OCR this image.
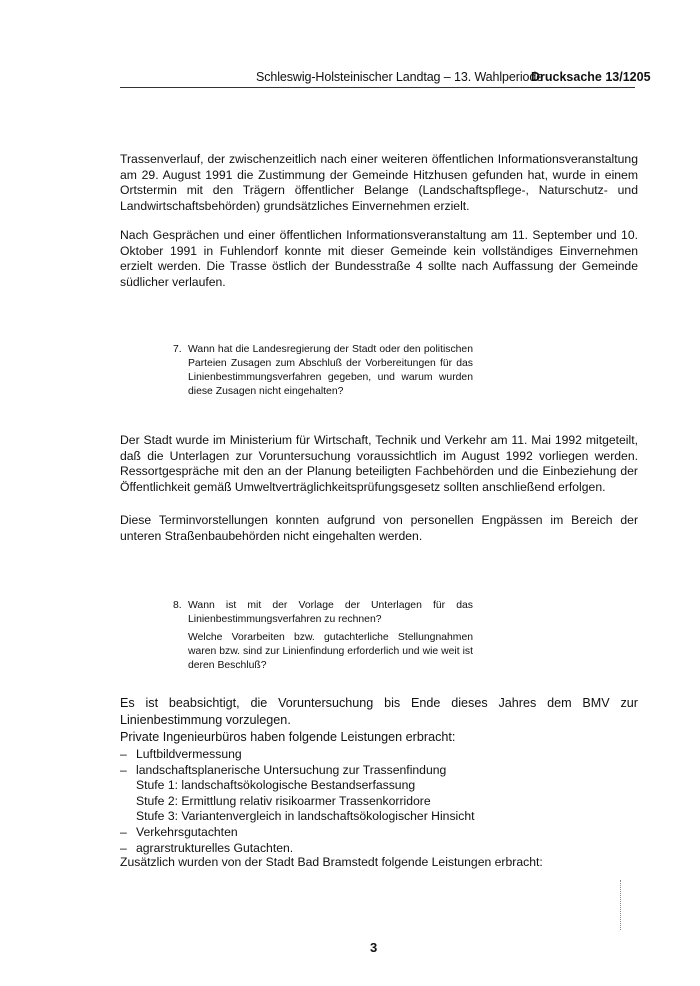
Schleswig-Holsteinischer Landtag – 13. Wahlperiode
Drucksache 13/1205

Trassenverlauf, der zwischenzeitlich nach einer weiteren öffentlichen Informationsveranstaltung am 29. August 1991 die Zustimmung der Gemeinde Hitzhusen gefunden hat, wurde in einem Ortstermin mit den Trägern öffentlicher Belange (Landschaftspflege-, Naturschutz- und Landwirtschaftsbehörden) grundsätzliches Einvernehmen erzielt.

Nach Gesprächen und einer öffentlichen Informationsveranstaltung am 11. September und 10. Oktober 1991 in Fuhlendorf konnte mit dieser Gemeinde kein vollständiges Einvernehmen erzielt werden. Die Trasse östlich der Bundesstraße 4 sollte nach Auffassung der Gemeinde südlicher verlaufen.

7. Wann hat die Landesregierung der Stadt oder den politischen Parteien Zusagen zum Abschluß der Vorbereitungen für das Linienbestimmungsverfahren gegeben, und warum wurden diese Zusagen nicht eingehalten?

Der Stadt wurde im Ministerium für Wirtschaft, Technik und Verkehr am 11. Mai 1992 mitgeteilt, daß die Unterlagen zur Voruntersuchung voraussichtlich im August 1992 vorliegen werden. Ressortgespräche mit den an der Planung beteiligten Fachbehörden und die Einbeziehung der Öffentlichkeit gemäß Umweltverträglichkeitsprüfungsgesetz sollten anschließend erfolgen.

Diese Terminvorstellungen konnten aufgrund von personellen Engpässen im Bereich der unteren Straßenbaubehörden nicht eingehalten werden.

8. Wann ist mit der Vorlage der Unterlagen für das Linienbestimmungsverfahren zu rechnen?
Welche Vorarbeiten bzw. gutachterliche Stellungnahmen waren bzw. sind zur Linienfindung erforderlich und wie weit ist deren Beschluß?

Es ist beabsichtigt, die Voruntersuchung bis Ende dieses Jahres dem BMV zur Linienbestimmung vorzulegen.

Private Ingenieurbüros haben folgende Leistungen erbracht:

– Luftbildvermessung
– landschaftsplanerische Untersuchung zur Trassenfindung
Stufe 1: landschaftsökologische Bestandserfassung
Stufe 2: Ermittlung relativ risikoarmer Trassenkorridore
Stufe 3: Variantenvergleich in landschaftsökologischer Hinsicht
– Verkehrsgutachten
– agrarstrukturelles Gutachten.

Zusätzlich wurden von der Stadt Bad Bramstedt folgende Leistungen erbracht:

3
